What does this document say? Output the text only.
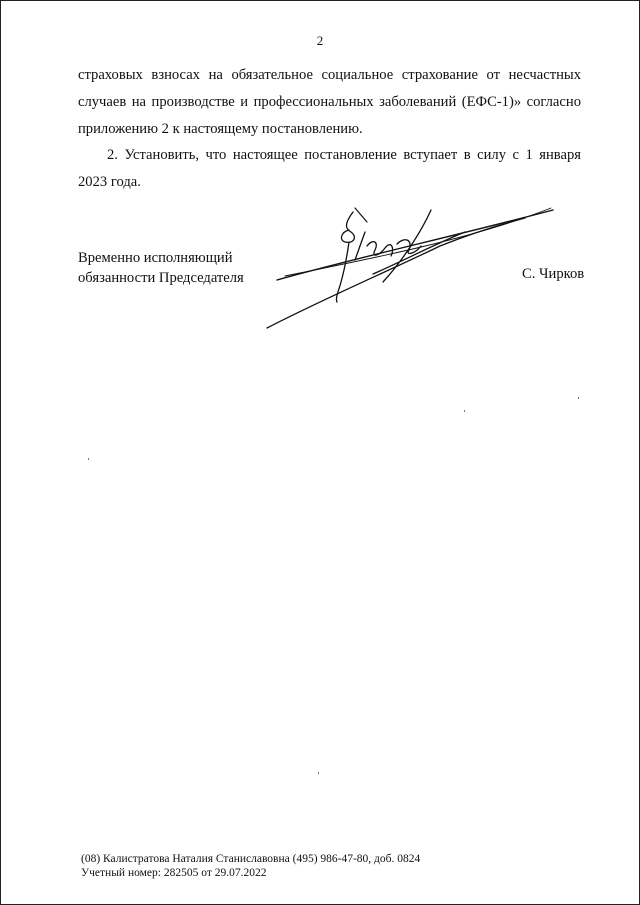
2
страховых взносах на обязательное социальное страхование от несчастных
случаев на производстве и профессиональных заболеваний (ЕФС-1)» согласно
приложению 2 к настоящему постановлению.
2. Установить, что настоящее постановление вступает в силу с 1 января
2023 года.
Временно исполняющий
обязанности Председателя	С. Чирков
(08) Калистратова Наталия Станиславовна (495) 986-47-80, доб. 0824
Учетный номер: 282505 от 29.07.2022
